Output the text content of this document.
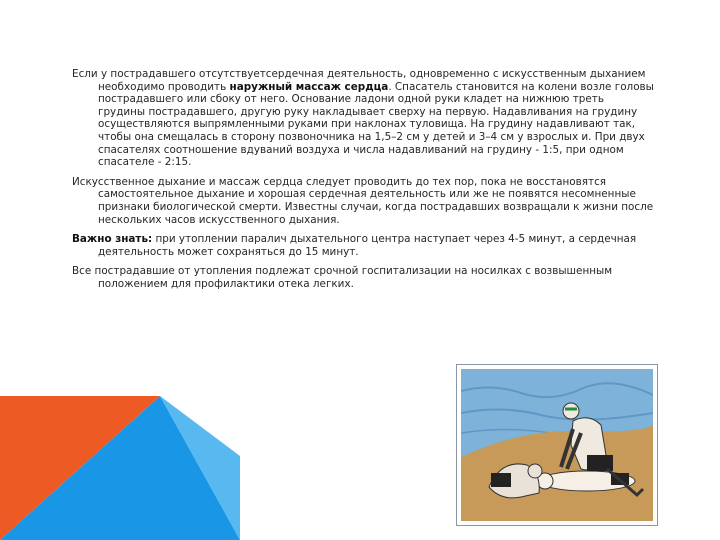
Если у пострадавшего отсутствуетсердечная деятельность, одновременно с искусственным дыханием необходимо проводить наружный массаж сердца. Спасатель становится на колени возле головы пострадавшего или сбоку от него. Основание ладони одной руки кладет на нижнюю треть грудины пострадавшего, другую руку накладывает сверху на первую. Надавливания на грудину осуществляются выпрямленными руками при наклонах туловища. На грудину надавливают так, чтобы она смещалась в сторону позвоночника на 1,5–2 см у детей и 3–4 см у взрослых и. При двух спасателях соотношение вдуваний воздуха и числа надавливаний на грудину - 1:5, при одном спасателе - 2:15.

Искусственное дыхание и массаж сердца следует проводить до тех пор, пока не восстановятся самостоятельное дыхание и хорошая сердечная деятельность или же не появятся несомненные признаки биологической смерти. Известны случаи, когда пострадавших возвращали к жизни после нескольких часов искусственного дыхания.

Важно знать: при утоплении паралич дыхательного центра наступает через 4-5 минут, а сердечная деятельность может сохраняться до 15 минут.

Все пострадавшие от утопления подлежат срочной госпитализации на носилках с возвышенным положением для профилактики отека легких.
